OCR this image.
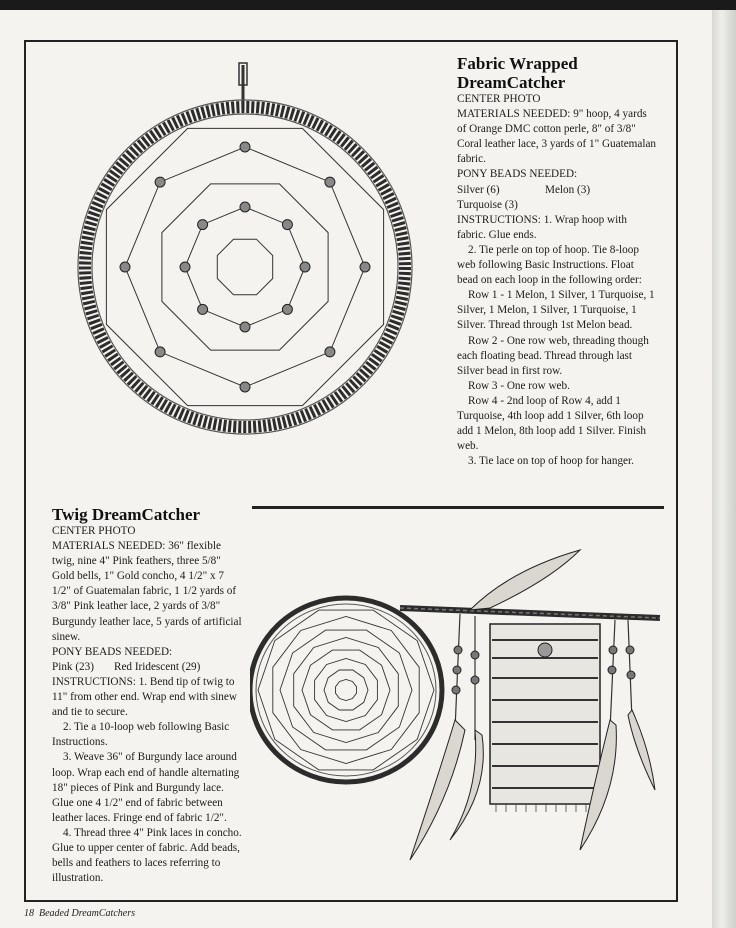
Fabric Wrapped
DreamCatcher

CENTER PHOTO

MATERIALS NEEDED: 9" hoop, 4 yards of Orange DMC cotton perle, 8" of 3/8" Coral leather lace, 3 yards of 1" Guatemalan fabric.

PONY BEADS NEEDED:

Silver (6)	Melon (3)

Turquoise (3)

INSTRUCTIONS: 1. Wrap hoop with fabric. Glue ends.

2. Tie perle on top of hoop. Tie 8-loop web following Basic Instructions. Float bead on each loop in the following order:

Row 1 - 1 Melon, 1 Silver, 1 Turquoise, 1 Silver, 1 Melon, 1 Silver, 1 Turquoise, 1 Silver. Thread through 1st Melon bead.

Row 2 - One row web, threading though each floating bead. Thread through last Silver bead in first row.

Row 3 - One row web.

Row 4 - 2nd loop of Row 4, add 1 Turquoise, 4th loop add 1 Silver, 6th loop add 1 Melon, 8th loop add 1 Silver. Finish web.

3. Tie lace on top of hoop for hanger.

Twig DreamCatcher

CENTER PHOTO

MATERIALS NEEDED: 36" flexible twig, nine 4" Pink feathers, three 5/8" Gold bells, 1" Gold concho, 4 1/2" x 7 1/2" of Guatemalan fabric, 1 1/2 yards of 3/8" Pink leather lace, 2 yards of 3/8" Burgundy leather lace, 5 yards of artificial sinew.

PONY BEADS NEEDED:

Pink (23) Red Iridescent (29)

INSTRUCTIONS: 1. Bend tip of twig to 11" from other end. Wrap end with sinew and tie to secure.

2. Tie a 10-loop web following Basic Instructions.

3. Weave 36" of Burgundy lace around loop. Wrap each end of handle alternating 18" pieces of Pink and Burgundy lace. Glue one 4 1/2" end of fabric between leather laces. Fringe end of fabric 1/2".

4. Thread three 4" Pink laces in concho. Glue to upper center of fabric. Add beads, bells and feathers to laces referring to illustration.

18 Beaded DreamCatchers
